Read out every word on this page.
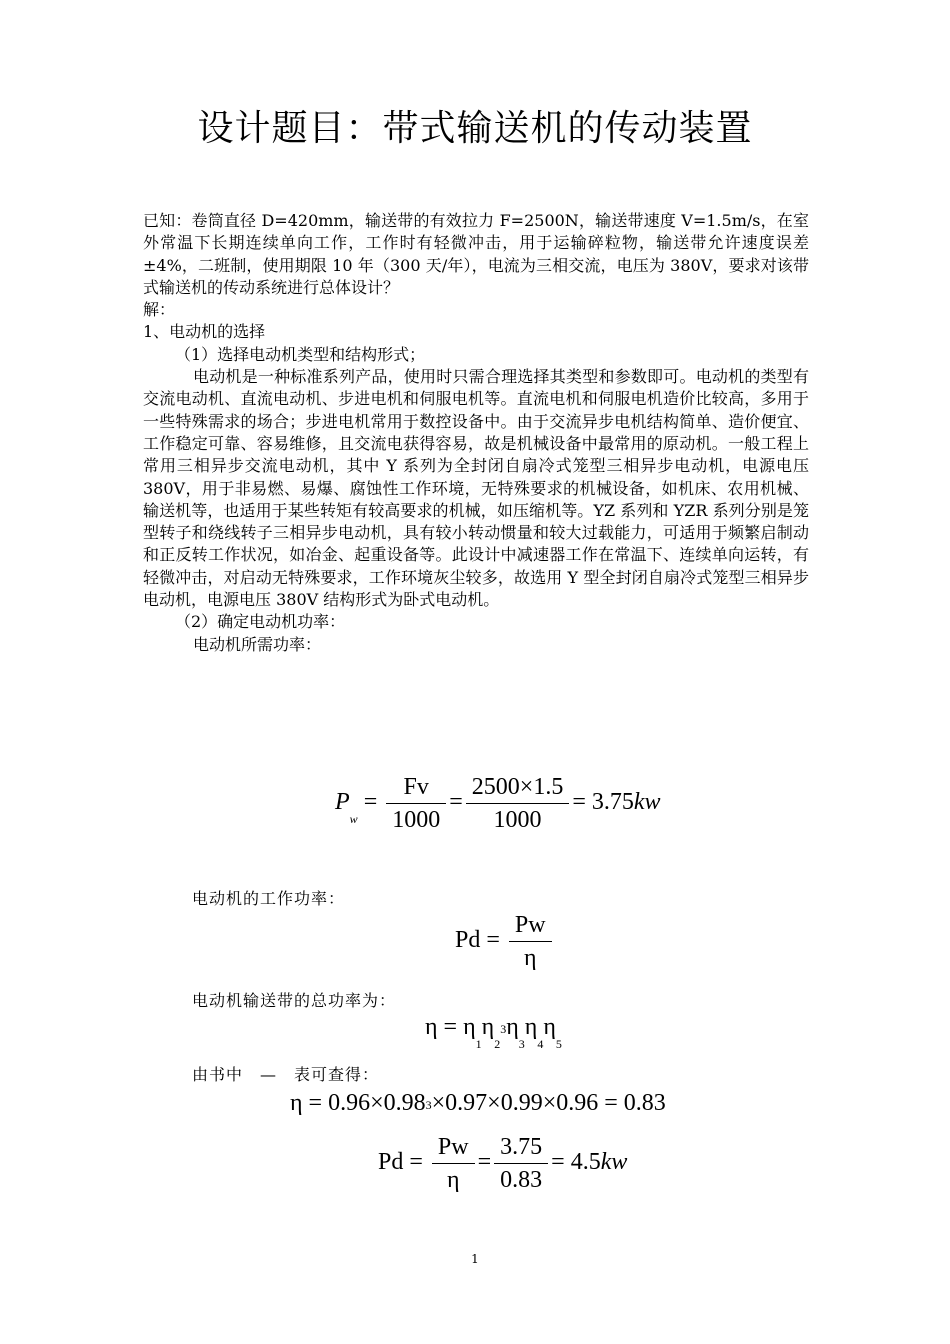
设计题目：带式输送机的传动装置

已知：卷筒直径 D=420mm，输送带的有效拉力 F=2500N，输送带速度 V=1.5m/s，在室外常温下长期连续单向工作，工作时有轻微冲击，用于运输碎粒物，输送带允许速度误差±4%，二班制，使用期限 10 年（300 天/年），电流为三相交流，电压为 380V，要求对该带式输送机的传动系统进行总体设计？

解：

1、电动机的选择

（1）选择电动机类型和结构形式；

电动机是一种标准系列产品，使用时只需合理选择其类型和参数即可。电动机的类型有交流电动机、直流电动机、步进电机和伺服电机等。直流电机和伺服电机造价比较高，多用于一些特殊需求的场合；步进电机常用于数控设备中。由于交流异步电机结构简单、造价便宜、工作稳定可靠、容易维修，且交流电获得容易，故是机械设备中最常用的原动机。一般工程上常用三相异步交流电动机，其中 Y 系列为全封闭自扇冷式笼型三相异步电动机，电源电压 380V，用于非易燃、易爆、腐蚀性工作环境，无特殊要求的机械设备，如机床、农用机械、输送机等，也适用于某些转矩有较高要求的机械，如压缩机等。YZ 系列和 YZR 系列分别是笼型转子和绕线转子三相异步电动机，具有较小转动惯量和较大过载能力，可适用于频繁启制动和正反转工作状况，如冶金、起重设备等。此设计中减速器工作在常温下、连续单向运转，有轻微冲击，对启动无特殊要求，工作环境灰尘较多，故选用 Y 型全封闭自扇冷式笼型三相异步电动机，电源电压 380V 结构形式为卧式电动机。

（2）确定电动机功率：

电动机所需功率：

$P_w = \frac{Fv}{1000} = \frac{2500\times 1.5}{1000} = 3.75kw$
电动机的工作功率：
$Pd = \frac{Pw}{\eta}$
电动机输送带的总功率为：
$\eta = \eta_1\eta_23\eta_3\eta_4\eta_5$
由书中　—　表可查得：
η = 0.96×0.983×0.97×0.99×0.96 = 0.83
$Pd = \frac{Pw}{\eta} = \frac{3.75}{0.83} = 4.5kw$
1
